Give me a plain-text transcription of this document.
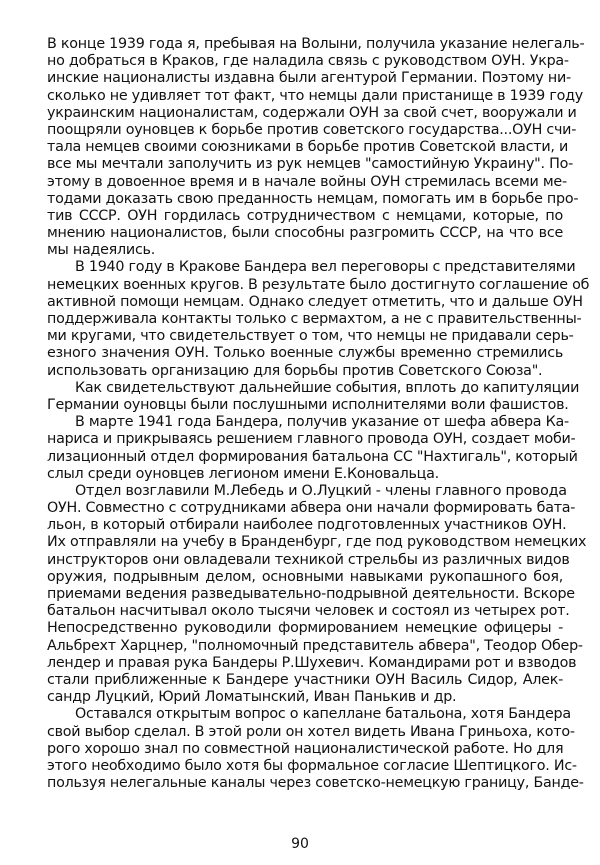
В конце 1939 года я, пребывая на Волыни, получила указание нелегаль-
но добраться в Краков, где наладила связь с руководством ОУН. Укра-
инские националисты издавна были агентурой Германии. Поэтому ни-
сколько не удивляет тот факт, что немцы дали пристанище в 1939 году
украинским националистам, содержали ОУН за свой счет, вооружали и
поощряли оуновцев к борьбе против советского государства...ОУН счи-
тала немцев своими союзниками в борьбе против Советской власти, и
все мы мечтали заполучить из рук немцев "самостийную Украину". По-
этому в довоенное время и в начале войны ОУН стремилась всеми ме-
тодами доказать свою преданность немцам, помогать им в борьбе про-
тив СССР. ОУН гордилась сотрудничеством с немцами, которые, по
мнению националистов, были способны разгромить СССР, на что все
мы надеялись.
В 1940 году в Кракове Бандера вел переговоры с представителями
немецких военных кругов. В результате было достигнуто соглашение об
активной помощи немцам. Однако следует отметить, что и дальше ОУН
поддерживала контакты только с вермахтом, а не с правительственны-
ми кругами, что свидетельствует о том, что немцы не придавали серь-
езного значения ОУН. Только военные службы временно стремились
использовать организацию для борьбы против Советского Союза".
Как свидетельствуют дальнейшие события, вплоть до капитуляции
Германии оуновцы были послушными исполнителями воли фашистов.
В марте 1941 года Бандера, получив указание от шефа абвера Ка-
нариса и прикрываясь решением главного провода ОУН, создает моби-
лизационный отдел формирования батальона СС "Нахтигаль", который
слыл среди оуновцев легионом имени Е.Коновальца.
Отдел возглавили М.Лебедь и О.Луцкий - члены главного провода
ОУН. Совместно с сотрудниками абвера они начали формировать бата-
льон, в который отбирали наиболее подготовленных участников ОУН.
Их отправляли на учебу в Бранденбург, где под руководством немецких
инструкторов они овладевали техникой стрельбы из различных видов
оружия, подрывным делом, основными навыками рукопашного боя,
приемами ведения разведывательно-подрывной деятельности. Вскоре
батальон насчитывал около тысячи человек и состоял из четырех рот.
Непосредственно руководили формированием немецкие офицеры -
Альбрехт Харцнер, "полномочный представитель абвера", Теодор Обер-
лендер и правая рука Бандеры Р.Шухевич. Командирами рот и взводов
стали приближенные к Бандере участники ОУН Василь Сидор, Алек-
сандр Луцкий, Юрий Ломатынский, Иван Панькив и др.
Оставался открытым вопрос о капеллане батальона, хотя Бандера
свой выбор сделал. В этой роли он хотел видеть Ивана Гриньоха, кото-
рого хорошо знал по совместной националистической работе. Но для
этого необходимо было хотя бы формальное согласие Шептицкого. Ис-
пользуя нелегальные каналы через советско-немецкую границу, Банде-
90
